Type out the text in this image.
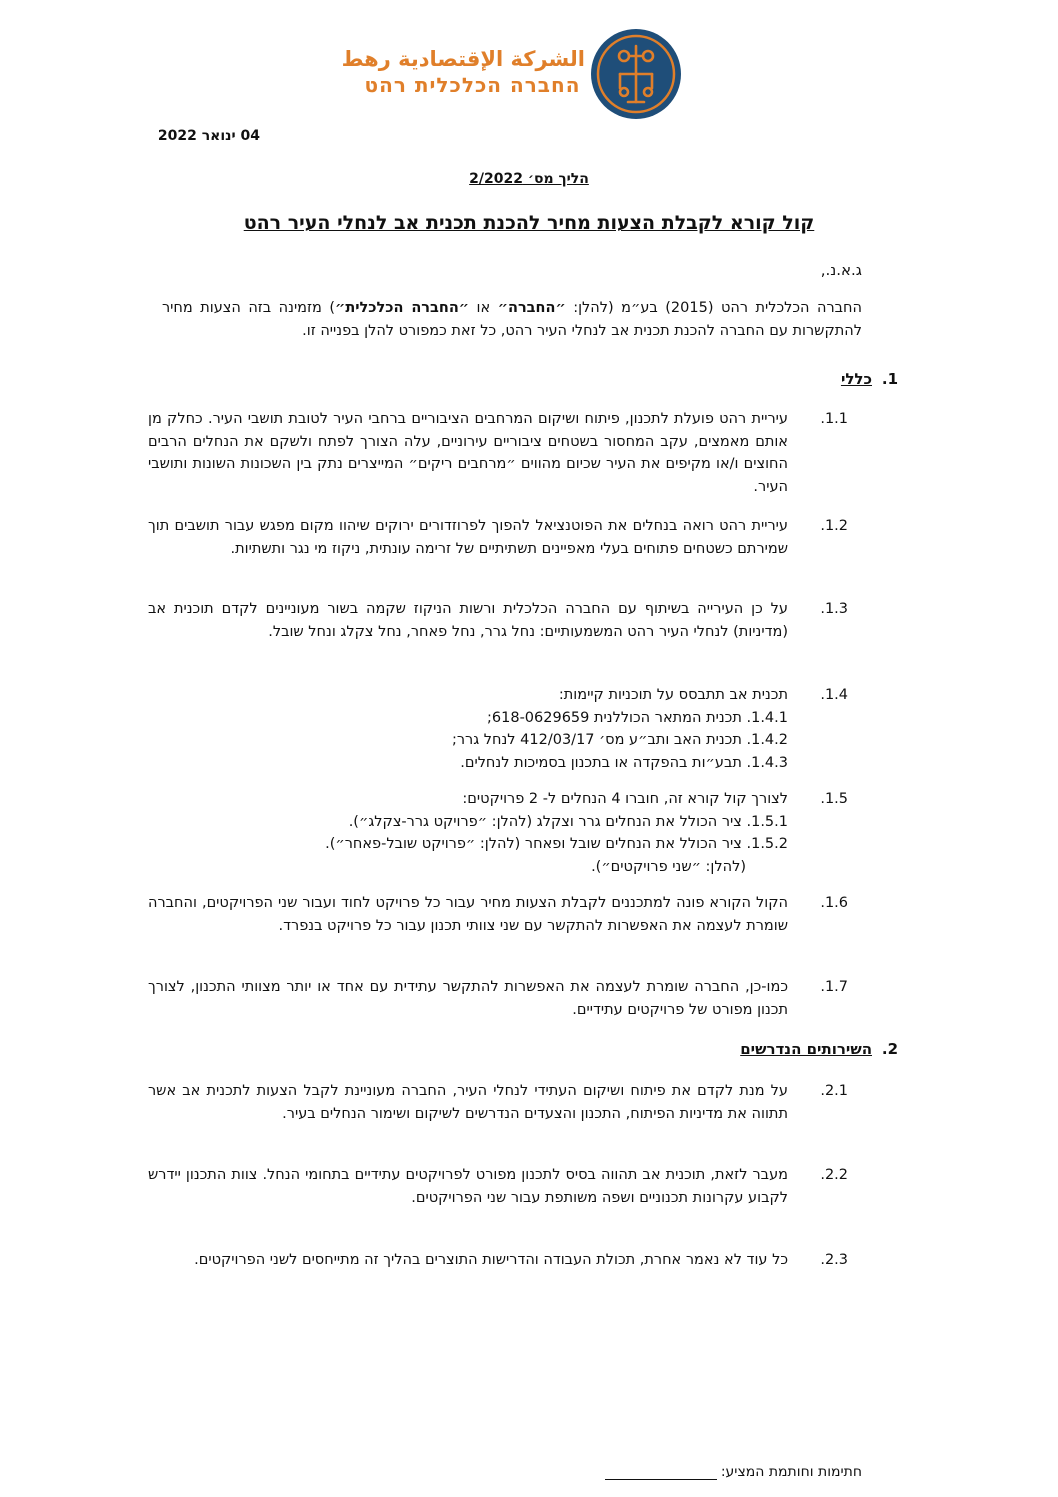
الشركة الإقتصادية رهط
החברה הכלכלית רהט
04 ינואר 2022
הליך מס׳ 2/2022
קול קורא לקבלת הצעות מחיר להכנת תכנית אב לנחלי העיר רהט
ג.א.נ.,
החברה הכלכלית רהט (2015) בע״מ (להלן: ״החברה״ או ״החברה הכלכלית״) מזמינה בזה הצעות מחיר להתקשרות עם החברה להכנת תכנית אב לנחלי העיר רהט, כל זאת כמפורט להלן בפנייה זו.
1.כללי
1.1.
עיריית רהט פועלת לתכנון, פיתוח ושיקום המרחבים הציבוריים ברחבי העיר לטובת תושבי העיר. כחלק מן אותם מאמצים, עקב המחסור בשטחים ציבוריים עירוניים, עלה הצורך לפתח ולשקם את הנחלים הרבים החוצים ו/או מקיפים את העיר שכיום מהווים ״מרחבים ריקים״ המייצרים נתק בין השכונות השונות ותושבי העיר.
1.2.
עיריית רהט רואה בנחלים את הפוטנציאל להפוך לפרוזדורים ירוקים שיהוו מקום מפגש עבור תושבים תוך שמירתם כשטחים פתוחים בעלי מאפיינים תשתיתיים של זרימה עונתית, ניקוז מי נגר ותשתיות.
1.3.
על כן העירייה בשיתוף עם החברה הכלכלית ורשות הניקוז שקמה בשור מעוניינים לקדם תוכנית אב (מדיניות) לנחלי העיר רהט המשמעותיים: נחל גרר, נחל פאחר, נחל צקלג ונחל שובל.
1.4.
תכנית אב תתבסס על תוכניות קיימות:
1.4.1. תכנית המתאר הכוללנית 618-0629659;
1.4.2. תכנית האב ותב״ע מס׳ 412/03/17 לנחל גרר;
1.4.3. תבע״ות בהפקדה או בתכנון בסמיכות לנחלים.
1.5.
לצורך קול קורא זה, חוברו 4 הנחלים ל- 2 פרויקטים:
1.5.1. ציר הכולל את הנחלים גרר וצקלג (להלן: ״פרויקט גרר-צקלג״).
1.5.2. ציר הכולל את הנחלים שובל ופאחר (להלן: ״פרויקט שובל-פאחר״).
(להלן: ״שני פרויקטים״).
1.6.
הקול הקורא פונה למתכננים לקבלת הצעות מחיר עבור כל פרויקט לחוד ועבור שני הפרויקטים, והחברה שומרת לעצמה את האפשרות להתקשר עם שני צוותי תכנון עבור כל פרויקט בנפרד.
1.7.
כמו-כן, החברה שומרת לעצמה את האפשרות להתקשר עתידית עם אחד או יותר מצוותי התכנון, לצורך תכנון מפורט של פרויקטים עתידיים.
2.השירותים הנדרשים
2.1.
על מנת לקדם את פיתוח ושיקום העתידי לנחלי העיר, החברה מעוניינת לקבל הצעות לתכנית אב אשר תתווה את מדיניות הפיתוח, התכנון והצעדים הנדרשים לשיקום ושימור הנחלים בעיר.
2.2.
מעבר לזאת, תוכנית אב תהווה בסיס לתכנון מפורט לפרויקטים עתידיים בתחומי הנחל. צוות התכנון יידרש לקבוע עקרונות תכנוניים ושפה משותפת עבור שני הפרויקטים.
2.3.
כל עוד לא נאמר אחרת, תכולת העבודה והדרישות התוצרים בהליך זה מתייחסים לשני הפרויקטים.
חתימות וחותמת המציע:
